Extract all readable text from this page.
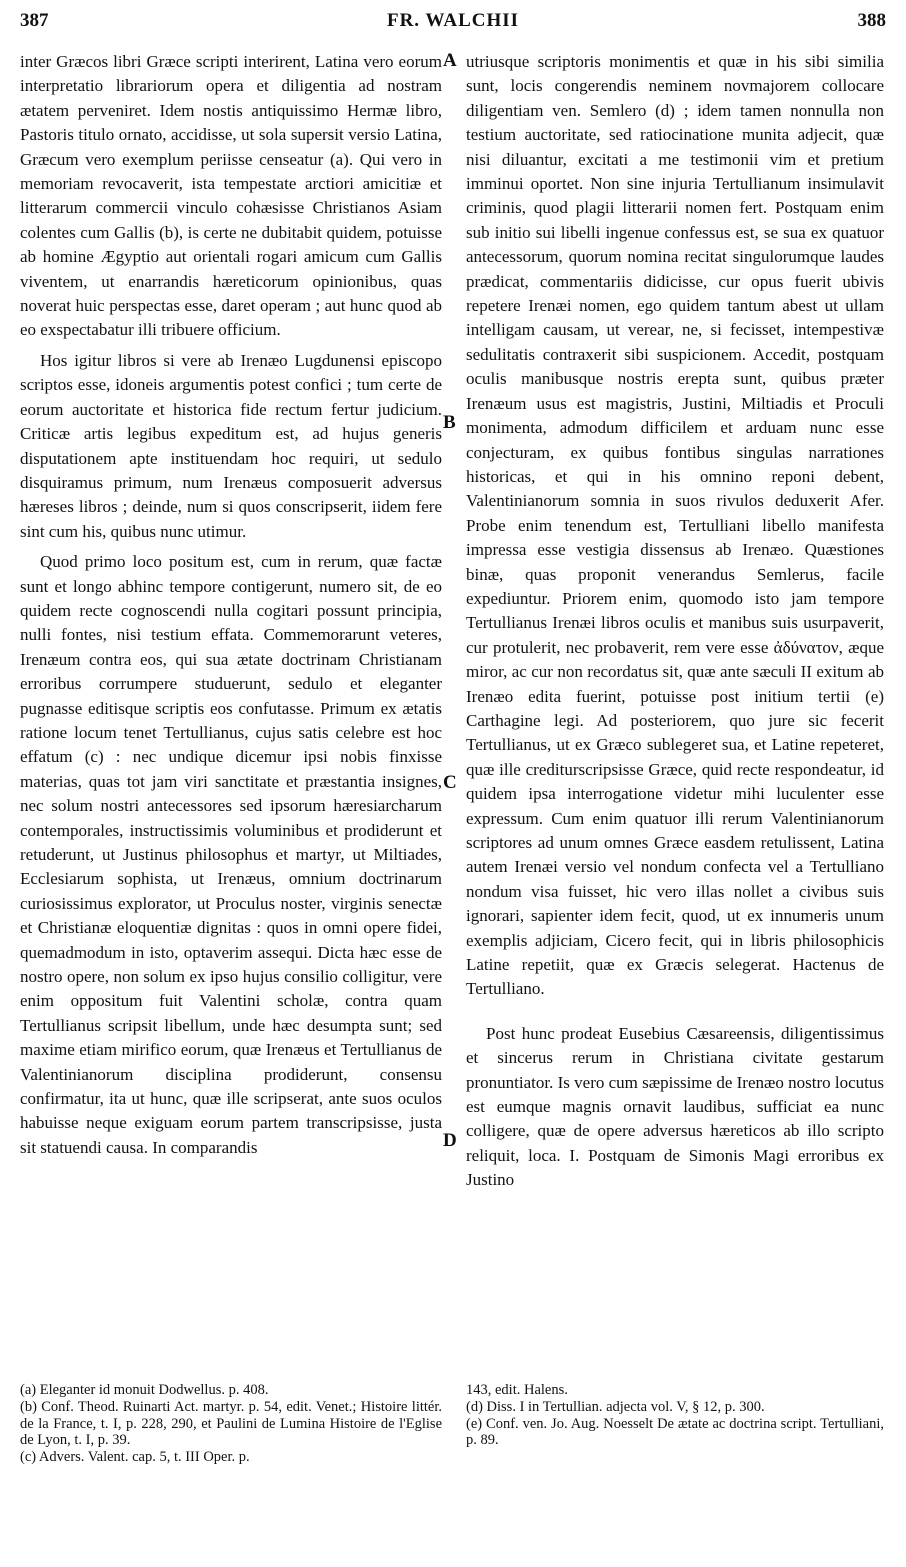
387	FR. WALCHII	388

inter Græcos libri Græce scripti interirent, Latina vero eorum interpretatio librariorum opera et diligentia ad nostram ætatem perveniret. Idem nostis antiquissimo Hermæ libro, Pastoris titulo ornato, accidisse, ut sola supersit versio Latina, Græcum vero exemplum periisse censeatur (a). Qui vero in memoriam revocaverit, ista tempestate arctiori amicitiæ et litterarum commercii vinculo cohæsisse Christianos Asiam colentes cum Gallis (b), is certe ne dubitabit quidem, potuisse ab homine Ægyptio aut orientali rogari amicum cum Gallis viventem, ut enarrandis hæreticorum opinionibus, quas noverat huic perspectas esse, daret operam ; aut hunc quod ab eo exspectabatur illi tribuere officium.

Hos igitur libros si vere ab Irenæo Lugdunensi episcopo scriptos esse, idoneis argumentis potest confici ; tum certe de eorum auctoritate et historica fide rectum fertur judicium. Criticæ artis legibus expeditum est, ad hujus generis disputationem apte instituendam hoc requiri, ut sedulo disquiramus primum, num Irenæus composuerit adversus hæreses libros ; deinde, num si quos conscripserit, iidem fere sint cum his, quibus nunc utimur.

Quod primo loco positum est, cum in rerum, quæ factæ sunt et longo abhinc tempore contigerunt, numero sit, de eo quidem recte cognoscendi nulla cogitari possunt principia, nulli fontes, nisi testium effata. Commemorarunt veteres, Irenæum contra eos, qui sua ætate doctrinam Christianam erroribus corrumpere studuerunt, sedulo et eleganter pugnasse editisque scriptis eos confutasse. Primum ex ætatis ratione locum tenet Tertullianus, cujus satis celebre est hoc effatum (c) : nec undique dicemur ipsi nobis finxisse materias, quas tot jam viri sanctitate et præstantia insignes, nec solum nostri antecessores sed ipsorum hæresiarcharum contemporales, instructissimis voluminibus et prodiderunt et retuderunt, ut Justinus philosophus et martyr, ut Miltiades, Ecclesiarum sophista, ut Irenæus, omnium doctrinarum curiosissimus explorator, ut Proculus noster, virginis senectæ et Christianæ eloquentiæ dignitas : quos in omni opere fidei, quemadmodum in isto, optaverim assequi. Dicta hæc esse de nostro opere, non solum ex ipso hujus consilio colligitur, vere enim oppositum fuit Valentini scholæ, contra quam Tertullianus scripsit libellum, unde hæc desumpta sunt; sed maxime etiam mirifico eorum, quæ Irenæus et Tertullianus de Valentinianorum disciplina prodiderunt, consensu confirmatur, ita ut hunc, quæ ille scripserat, ante suos oculos habuisse neque exiguam eorum partem transcripsisse, justa sit statuendi causa. In comparandis

utriusque scriptoris monimentis et quæ in his sibi similia sunt, locis congerendis neminem novmajorem collocare diligentiam ven. Semlero (d) ; idem tamen nonnulla non testium auctoritate, sed ratiocinatione munita adjecit, quæ nisi diluantur, excitati a me testimonii vim et pretium imminui oportet. Non sine injuria Tertullianum insimulavit criminis, quod plagii litterarii nomen fert. Postquam enim sub initio sui libelli ingenue confessus est, se sua ex quatuor antecessorum, quorum nomina recitat singulorumque laudes prædicat, commentariis didicisse, cur opus fuerit ubivis repetere Irenæi nomen, ego quidem tantum abest ut ullam intelligam causam, ut verear, ne, si fecisset, intempestivæ sedulitatis contraxerit sibi suspicionem. Accedit, postquam oculis manibusque nostris erepta sunt, quibus præter Irenæum usus est magistris, Justini, Miltiadis et Proculi monimenta, admodum difficilem et arduam nunc esse conjecturam, ex quibus fontibus singulas narrationes historicas, et qui in his omnino reponi debent, Valentinianorum somnia in suos rivulos deduxerit Afer. Probe enim tenendum est, Tertulliani libello manifesta impressa esse vestigia dissensus ab Irenæo. Quæstiones binæ, quas proponit venerandus Semlerus, facile expediuntur. Priorem enim, quomodo isto jam tempore Tertullianus Irenæi libros oculis et manibus suis usurpaverit, cur protulerit, nec probaverit, rem vere esse ἀδύνατον, æque miror, ac cur non recordatus sit, quæ ante sæculi II exitum ab Irenæo edita fuerint, potuisse post initium tertii (e) Carthagine legi. Ad posteriorem, quo jure sic fecerit Tertullianus, ut ex Græco sublegeret sua, et Latine repeteret, quæ ille crediturscripsisse Græce, quid recte respondeatur, id quidem ipsa interrogatione videtur mihi luculenter esse expressum. Cum enim quatuor illi rerum Valentinianorum scriptores ad unum omnes Græce easdem retulissent, Latina autem Irenæi versio vel nondum confecta vel a Tertulliano nondum visa fuisset, hic vero illas nollet a civibus suis ignorari, sapienter idem fecit, quod, ut ex innumeris unum exemplis adjiciam, Cicero fecit, qui in libris philosophicis Latine repetiit, quæ ex Græcis selegerat. Hactenus de Tertulliano.

Post hunc prodeat Eusebius Cæsareensis, diligentissimus et sincerus rerum in Christiana civitate gestarum pronuntiator. Is vero cum sæpissime de Irenæo nostro locutus est eumque magnis ornavit laudibus, sufficiat ea nunc colligere, quæ de opere adversus hæreticos ab illo scripto reliquit, loca. I. Postquam de Simonis Magi erroribus ex Justino

A
B
C
D
(a) Eleganter id monuit Dodwellus. p. 408.
(b) Conf. Theod. Ruinarti Act. martyr. p. 54, edit. Venet.; Histoire littér. de la France, t. I, p. 228, 290, et Paulini de Lumina Histoire de l'Eglise de Lyon, t. I, p. 39.
(c) Advers. Valent. cap. 5, t. III Oper. p.
143, edit. Halens.
(d) Diss. I in Tertullian. adjecta vol. V, § 12, p. 300.
(e) Conf. ven. Jo. Aug. Noesselt De ætate ac doctrina script. Tertulliani, p. 89.
